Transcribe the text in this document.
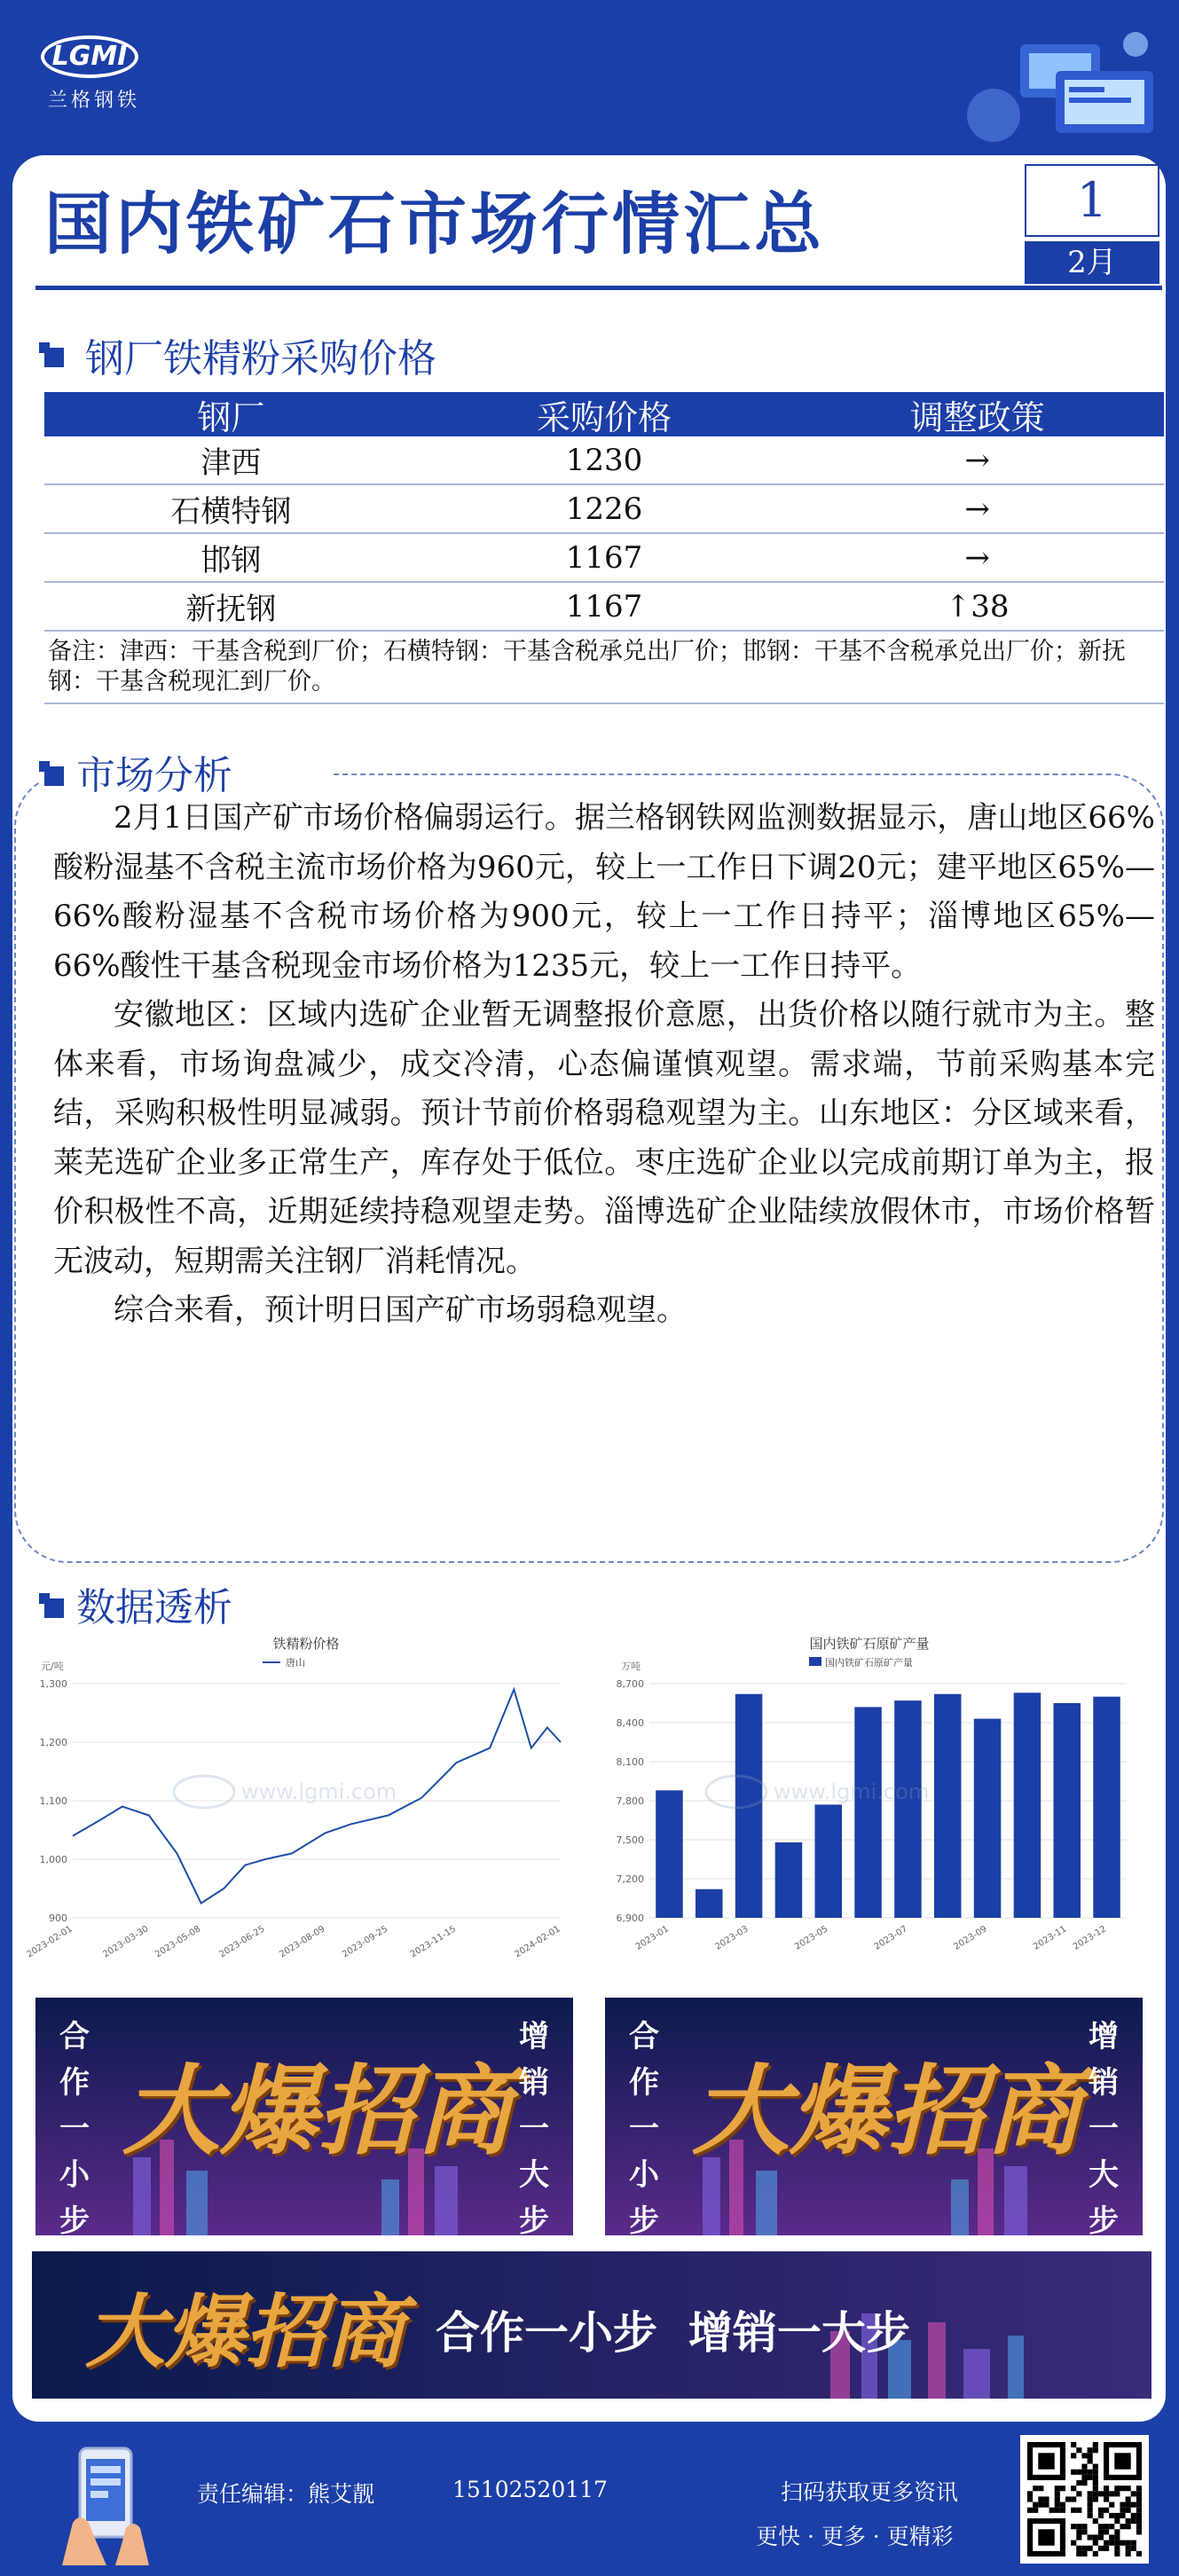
LGMI
兰格钢铁
国内铁矿石市场行情汇总	1
2月
钢厂铁精粉采购价格
钢厂	采购价格	调整政策
津西	1230	→
石横特钢	1226	→
邯钢	1167	→
新抚钢	1167	↑38
备注：津西：干基含税到厂价；石横特钢：干基含税承兑出厂价；邯钢：干基不含税承兑出厂价；新抚钢：干基含税现汇到厂价。
市场分析

2月1日国产矿市场价格偏弱运行。据兰格钢铁网监测数据显示，唐山地区66%酸粉湿基不含税主流市场价格为960元，较上一工作日下调20元；建平地区65%—66%酸粉湿基不含税市场价格为900元，较上一工作日持平；淄博地区65%—66%酸性干基含税现金市场价格为1235元，较上一工作日持平。

安徽地区：区域内选矿企业暂无调整报价意愿，出货价格以随行就市为主。整体来看，市场询盘减少，成交冷清，心态偏谨慎观望。需求端，节前采购基本完结，采购积极性明显减弱。预计节前价格弱稳观望为主。山东地区：分区域来看，莱芜选矿企业多正常生产，库存处于低位。枣庄选矿企业以完成前期订单为主，报价积极性不高，近期延续持稳观望走势。淄博选矿企业陆续放假休市，市场价格暂无波动，短期需关注钢厂消耗情况。

综合来看，预计明日国产矿市场弱稳观望。

数据透析
铁精粉价格
元/吨	唐山
1,300
1,200
1,100
1,000
900
www.lgmi.com
2023-02-01	2023-03-30 2023-05-08 2023-06-25 2023-08-09 2023-09-25 2023-11-15	2024-02-01
国内铁矿石原矿产量
万吨	国内铁矿石原矿产量
8,700
8,400
8,100
7,800
7,500
7,200
6,900
www.lgmi.com
2023-01	2023-03	2023-05	2023-07	2023-09	2023-11 2023-12
合
作
一
小
步
大爆招商
增
销
一
大
步
合
作
一
小
步
大爆招商
增
销
一
大
步
大爆招商 合作一小步  增销一大步
责任编辑：熊艾靓	15102520117	扫码获取更多资讯
更快 · 更多 · 更精彩
